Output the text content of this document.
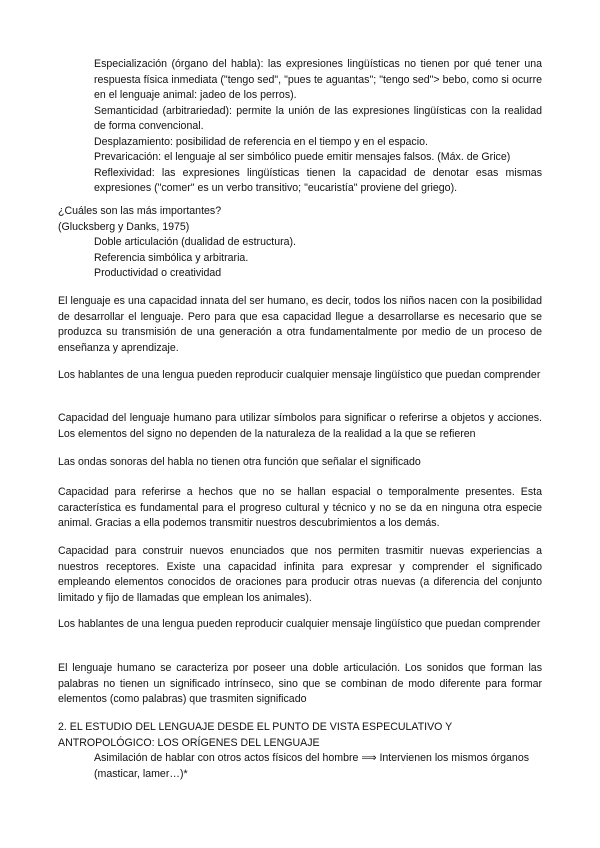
Especialización (órgano del habla): las expresiones lingüísticas no tienen por qué tener una respuesta física inmediata ("tengo sed", "pues te aguantas"; "tengo sed"> bebo, como si ocurre en el lenguaje animal: jadeo de los perros).

Semanticidad (arbitrariedad): permite la unión de las expresiones lingüísticas con la realidad de forma convencional.

Desplazamiento: posibilidad de referencia en el tiempo y en el espacio.

Prevaricación: el lenguaje al ser simbólico puede emitir mensajes falsos. (Máx. de Grice)

Reflexividad: las expresiones lingüísticas tienen la capacidad de denotar esas mismas expresiones ("comer" es un verbo transitivo; "eucaristía" proviene del griego).

¿Cuáles son las más importantes?

(Glucksberg y Danks, 1975)

Doble articulación (dualidad de estructura).

Referencia simbólica y arbitraria.

Productividad o creatividad

El lenguaje es una capacidad innata del ser humano, es decir, todos los niños nacen con la posibilidad de desarrollar el lenguaje. Pero para que esa capacidad llegue a desarrollarse es necesario que se produzca su transmisión de una generación a otra fundamentalmente por medio de un proceso de enseñanza y aprendizaje.

Los hablantes de una lengua pueden reproducir cualquier mensaje lingüístico que puedan comprender

Capacidad del lenguaje humano para utilizar símbolos para significar o referirse a objetos y acciones. Los elementos del signo no dependen de la naturaleza de la realidad a la que se refieren

Las ondas sonoras del habla no tienen otra función que señalar el significado

Capacidad para referirse a hechos que no se hallan espacial o temporalmente presentes. Esta característica es fundamental para el progreso cultural y técnico y no se da en ninguna otra especie animal. Gracias a ella podemos transmitir nuestros descubrimientos a los demás.

Capacidad para construir nuevos enunciados que nos permiten trasmitir nuevas experiencias a nuestros receptores. Existe una capacidad infinita para expresar y comprender el significado empleando elementos conocidos de oraciones para producir otras nuevas (a diferencia del conjunto limitado y fijo de llamadas que emplean los animales).

Los hablantes de una lengua pueden reproducir cualquier mensaje lingüístico que puedan comprender

El lenguaje humano se caracteriza por poseer una doble articulación. Los sonidos que forman las palabras no tienen un significado intrínseco, sino que se combinan de modo diferente para formar elementos (como palabras) que trasmiten significado

2. EL ESTUDIO DEL LENGUAJE DESDE EL PUNTO DE VISTA ESPECULATIVO Y ANTROPOLÓGICO: LOS ORÍGENES DEL LENGUAJE

Asimilación de hablar con otros actos físicos del hombre ⟹ Intervienen los mismos órganos (masticar, lamer…)*
